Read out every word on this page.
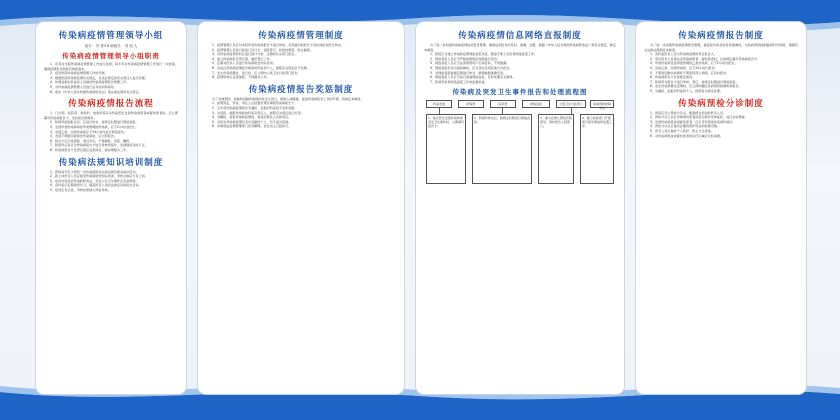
传染病疫情管理领导小组
组长： 作 者3 8 副组长： 同 组 人
传染病疫情管理领导小组职责

1．负责对全院传染病疫情管理工作进行监督，每半年对传染病疫情管理工作进行一次检查，确保疫情报告制度有效的落实。

2．指导医院传染病疫情管理工作的开展。

3．根据医院传染病疫情有关规定，对违反规定的有关责任人进行处理。

4．协调各相关科室和人员做好传染病疫情报告管理工作。

5．对传染病疫情管理人员进行业务培训和指导。

6．落实《中华人民共和国传染病防治法》等法律法规的有关规定。

传染病疫情报告流程

1．门诊部、住院部、检验科、放射科等有关科室医生发现传染病患者或疑似患者时，应立即填写传染病报告卡，及时报告防保科。

2．防保科接到报告后，应进行核实，按规定时限进行网络直报。

3．发现甲类传染病和按甲类管理的传染病，应于2小时内报告。

4．发现乙类、丙类传染病应于24小时内进行网络报告。

5．发现不明原因或新发传染病时，应立即报告。

6．报告卡应字迹清楚、项目齐全，不得漏报、迟报、瞒报。

7．防保科应每日对传染病报告卡进行审核和统计，发现错误及时订正。

8．传染病报告卡及登记簿应妥善保存，保存期限为三年。

传染病法规知识培训制度

1．医院每年至少组织一次传染病防治法律法规及相关知识培训。

2．新上岗医务人员应接受传染病防治知识培训，考核合格后方可上岗。

3．培训内容包括传染病防治法、突发公共卫生事件应急条例等。

4．各科室应定期组织学习，提高医务人员的法律意识和报告意识。

5．培训应有记录，考核结果纳入科室考核。

传染病疫情管理制度

1．疫情管理人员应对本院所有传染病报告卡进行审核，对有疑问的报告卡及时向报告医生核实。

2．疫情管理人员每日检查门诊日志、住院登记、检验结果等，防止漏报。

3．对传染病疫情资料应进行统计分析，定期向有关部门报告。

4．建立传染病报告登记簿，做好登记工作。

5．定期对医务人员进行传染病防治知识培训。

6．对违反传染病疫情报告制度的科室和个人，按照有关规定给予处理。

7．发生传染病暴发、流行时，应立即向上级卫生行政部门报告。

8．疫情资料应妥善保管，不得擅自公布。

传染病疫情报告奖惩制度

为了有效预防、控制和消除传染病的发生与流行，保障人体健康，促进传染病报告工作的开展，特制定本制度。

1．按照规定，科室、责任人应按要求规范填报传染病报告卡。

2．全年度传染病疫情报告无漏报、迟报的科室给予表彰奖励。

3．对迟报、漏报传染病的科室及责任人，按照有关规定进行处罚。

4．对瞒报、谎报传染病疫情的，将追究相关人员的责任。

5．对报告传染病疫情有突出贡献的个人，给予适当奖励。

6．本制度由疫情管理部门负责解释，自发布之日起执行。

传染病疫情信息网络直报制度

为了进一步加强传染病疫情信息报告管理，确保信息报告的及时、准确、完整，根据《中华人民共和国传染病防治法》等有关规定，制定本制度。

1．医院应当建立传染病疫情网络直报系统，配备专职人员负责网络直报工作。

2．网络直报人员应当严格按照规定时限进行报告。

3．网络直报人员应当妥善保管用户名和密码，不得泄露。

4．网络直报系统出现故障时，应当及时采用其他方式报告。

5．对网络直报数据定期进行核对，确保数据准确无误。

6．网络直报人员应当每日查看网络信息，及时处理有关事项。

7．防保科负责网络直报工作的监督检查。

传染病及突发卫生事件报告和处理流程图
科室发现	防保科	院领导	网络直报	上级卫生行政部门	疾病预防控制中心
1．接诊医生发现传染病或突发卫生事件时，立即填写报告卡。
2．防保科核实后，按规定时限进行网络直报。
3．重大疫情立即报告院领导，同时报告上级部门。
4．配合疾控部门开展流行病学调查和处置工作。
传染病疫情报告制度

为了进一步加强传染病疫情报告管理，提高报告的及时性和准确性，为疾病预防控制提供科学依据，根据有关法律法规制定本制度。

1．各科室医务人员为传染病疫情的责任报告人。

2．责任报告人发现法定传染病患者、疑似患者时，应按规定填写传染病报告卡。

3．甲类传染病及按甲类管理的乙类传染病，应于2小时内报告。

4．其他乙类、丙类传染病，应于24小时内报告。

5．不明原因肺炎病例和不明原因死亡病例，应及时报告。

6．传染病报告卡应按规定保存。

7．防保科对报告卡进行审核、登记，按规定时限进行网络直报。

8．发生传染病暴发疫情时，应立即向辖区疾病预防控制机构报告。

9．对漏报、迟报的科室和个人，按照有关规定处理。

传染病预检分诊制度

1．医院应设立预检分诊点，配备经过培训的医务人员。

2．预检分诊人员应详细询问患者的流行病学史和症状，进行初步筛查。

3．发现传染病患者或疑似患者，应引导至感染性疾病科就诊。

4．预检分诊点应备有必要的防护用品和消毒设施。

5．医务人员应做好个人防护，防止交叉感染。

6．对传染病患者或疑似患者的诊疗区域应及时消毒。
